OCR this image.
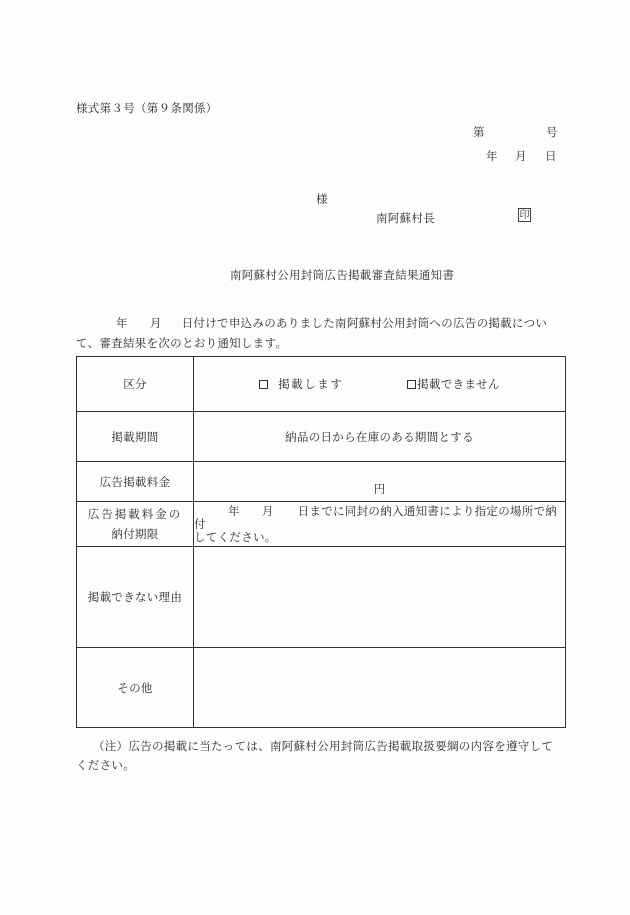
様式第３号（第９条関係）
第	号
年 月 日
様
南阿蘇村長	印
南阿蘇村公用封筒広告掲載審査結果通知書
年 月 日付けで申込みのありました南阿蘇村公用封筒への広告の掲載につい
て、審査結果を次のとおり通知します。
区分	掲載します 掲載できません
掲載期間	納品の日から在庫のある期間とする
広告掲載料金	円
広告掲載料金の
納付期限	年 月 日までに同封の納入通知書により指定の場所で納付
してください。
掲載できない理由	
その他	
（注）広告の掲載に当たっては、南阿蘇村公用封筒広告掲載取扱要綱の内容を遵守して
ください。
